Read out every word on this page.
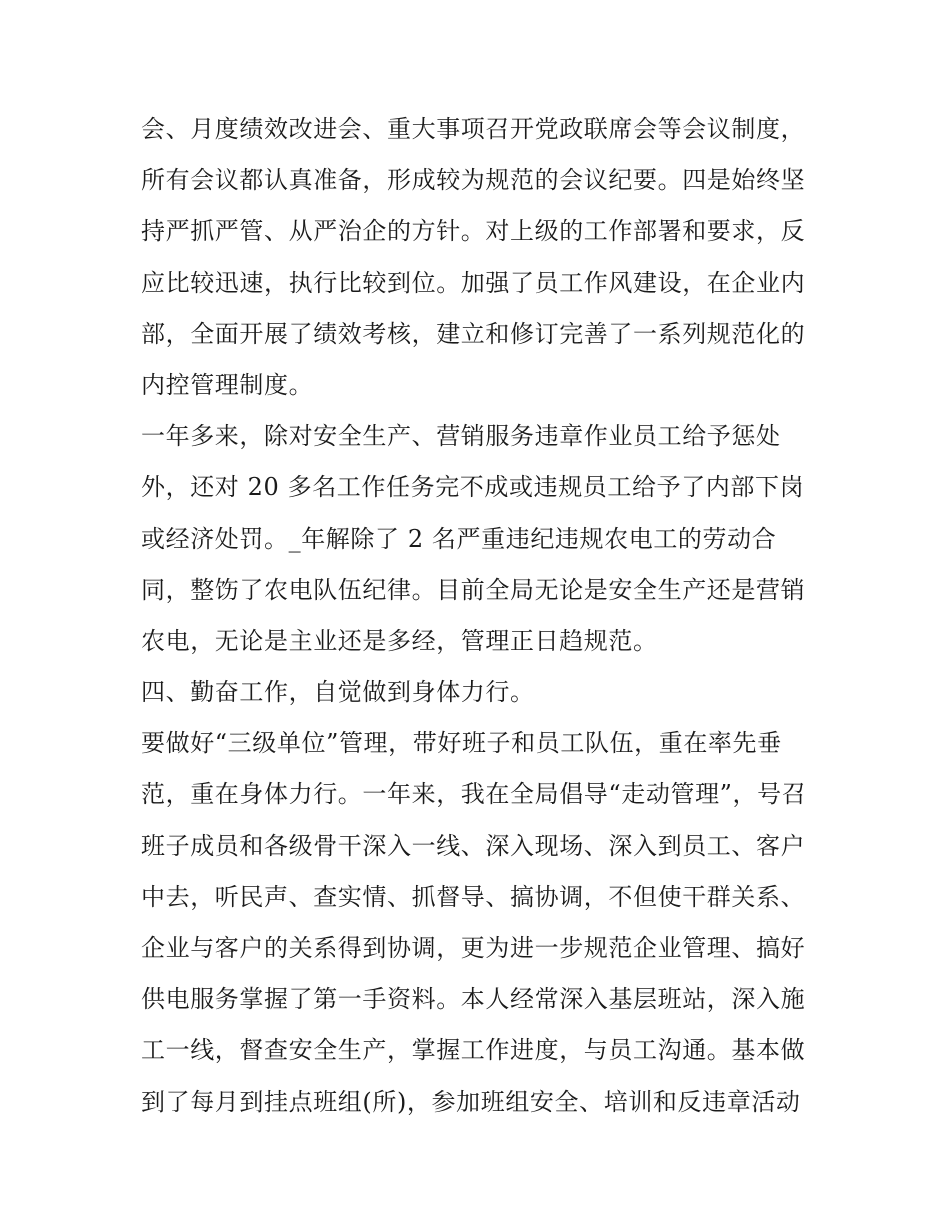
会、月度绩效改进会、重大事项召开党政联席会等会议制度，
所有会议都认真准备，形成较为规范的会议纪要。四是始终坚
持严抓严管、从严治企的方针。对上级的工作部署和要求，反
应比较迅速，执行比较到位。加强了员工作风建设，在企业内
部，全面开展了绩效考核，建立和修订完善了一系列规范化的
内控管理制度。
一年多来，除对安全生产、营销服务违章作业员工给予惩处
外，还对 20 多名工作任务完不成或违规员工给予了内部下岗
或经济处罚。_年解除了 2 名严重违纪违规农电工的劳动合
同，整饬了农电队伍纪律。目前全局无论是安全生产还是营销
农电，无论是主业还是多经，管理正日趋规范。
四、勤奋工作，自觉做到身体力行。
要做好“三级单位”管理，带好班子和员工队伍，重在率先垂
范，重在身体力行。一年来，我在全局倡导“走动管理”，号召
班子成员和各级骨干深入一线、深入现场、深入到员工、客户
中去，听民声、查实情、抓督导、搞协调，不但使干群关系、
企业与客户的关系得到协调，更为进一步规范企业管理、搞好
供电服务掌握了第一手资料。本人经常深入基层班站，深入施
工一线，督查安全生产，掌握工作进度，与员工沟通。基本做
到了每月到挂点班组(所)，参加班组安全、培训和反违章活动
